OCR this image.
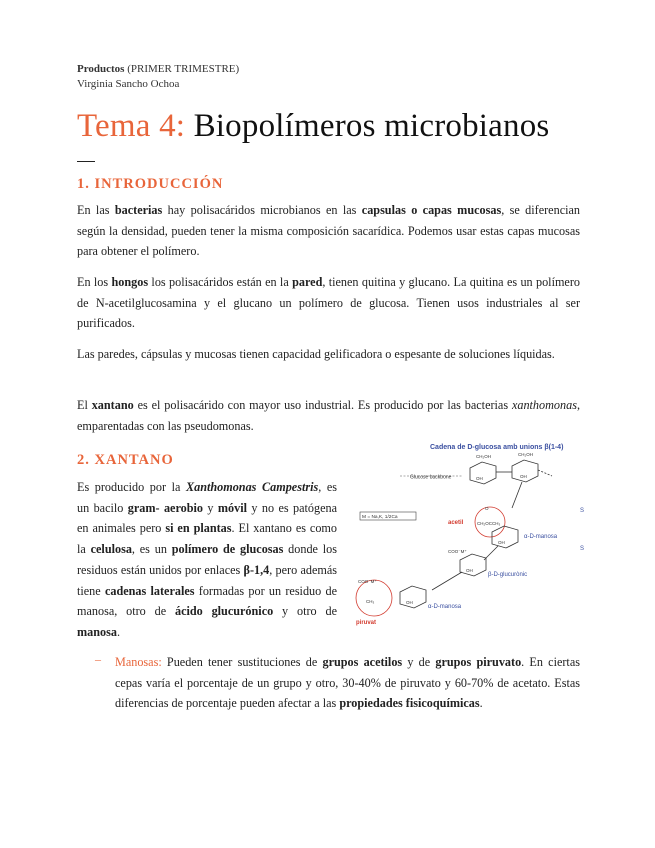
Productos (PRIMER TRIMESTRE)
Virginia Sancho Ochoa
Tema 4: Biopolímeros microbianos
1. INTRODUCCIÓN

En las bacterias hay polisacáridos microbianos en las capsulas o capas mucosas, se diferencian según la densidad, pueden tener la misma composición sacarídica. Podemos usar estas capas mucosas para obtener el polímero.

En los hongos los polisacáridos están en la pared, tienen quitina y glucano. La quitina es un polímero de N-acetilglucosamina y el glucano un polímero de glucosa. Tienen usos industriales al ser purificados.

Las paredes, cápsulas y mucosas tienen capacidad gelificadora o espesante de soluciones líquidas.

El xantano es el polisacárido con mayor uso industrial. Es producido por las bacterias xanthomonas, emparentadas con las pseudomonas.

2. XANTANO

Es producido por la Xanthomonas Campestris, es un bacilo gram- aerobio y móvil y no es patógena en animales pero si en plantas. El xantano es como la celulosa, es un polímero de glucosas donde los residuos están unidos por enlaces β-1,4, pero además tiene cadenas laterales formadas por un residuo de manosa, otro de ácido glucurónico y otro de manosa.

– Manosas: Pueden tener sustituciones de grupos acetilos y de grupos piruvato. En ciertas cepas varía el porcentaje de un grupo y otro, 30-40% de piruvato y 60-70% de acetato. Estas diferencias de porcentaje pueden afectar a las propiedades fisicoquímicas.

Cadena de D-glucosa amb unions β(1-4)
S
S
Glucose backbone
CH₂OH	CH₂OH
OH	OH
M = Na,K, 1/2Ca
acetil	CH₂OCCH₃
O
α-D-manosa
OH
COO⁻M⁺
β-D-glucurònic
OH
COO⁻M⁺
CH₃
piruvat
α-D-manosa
OH
